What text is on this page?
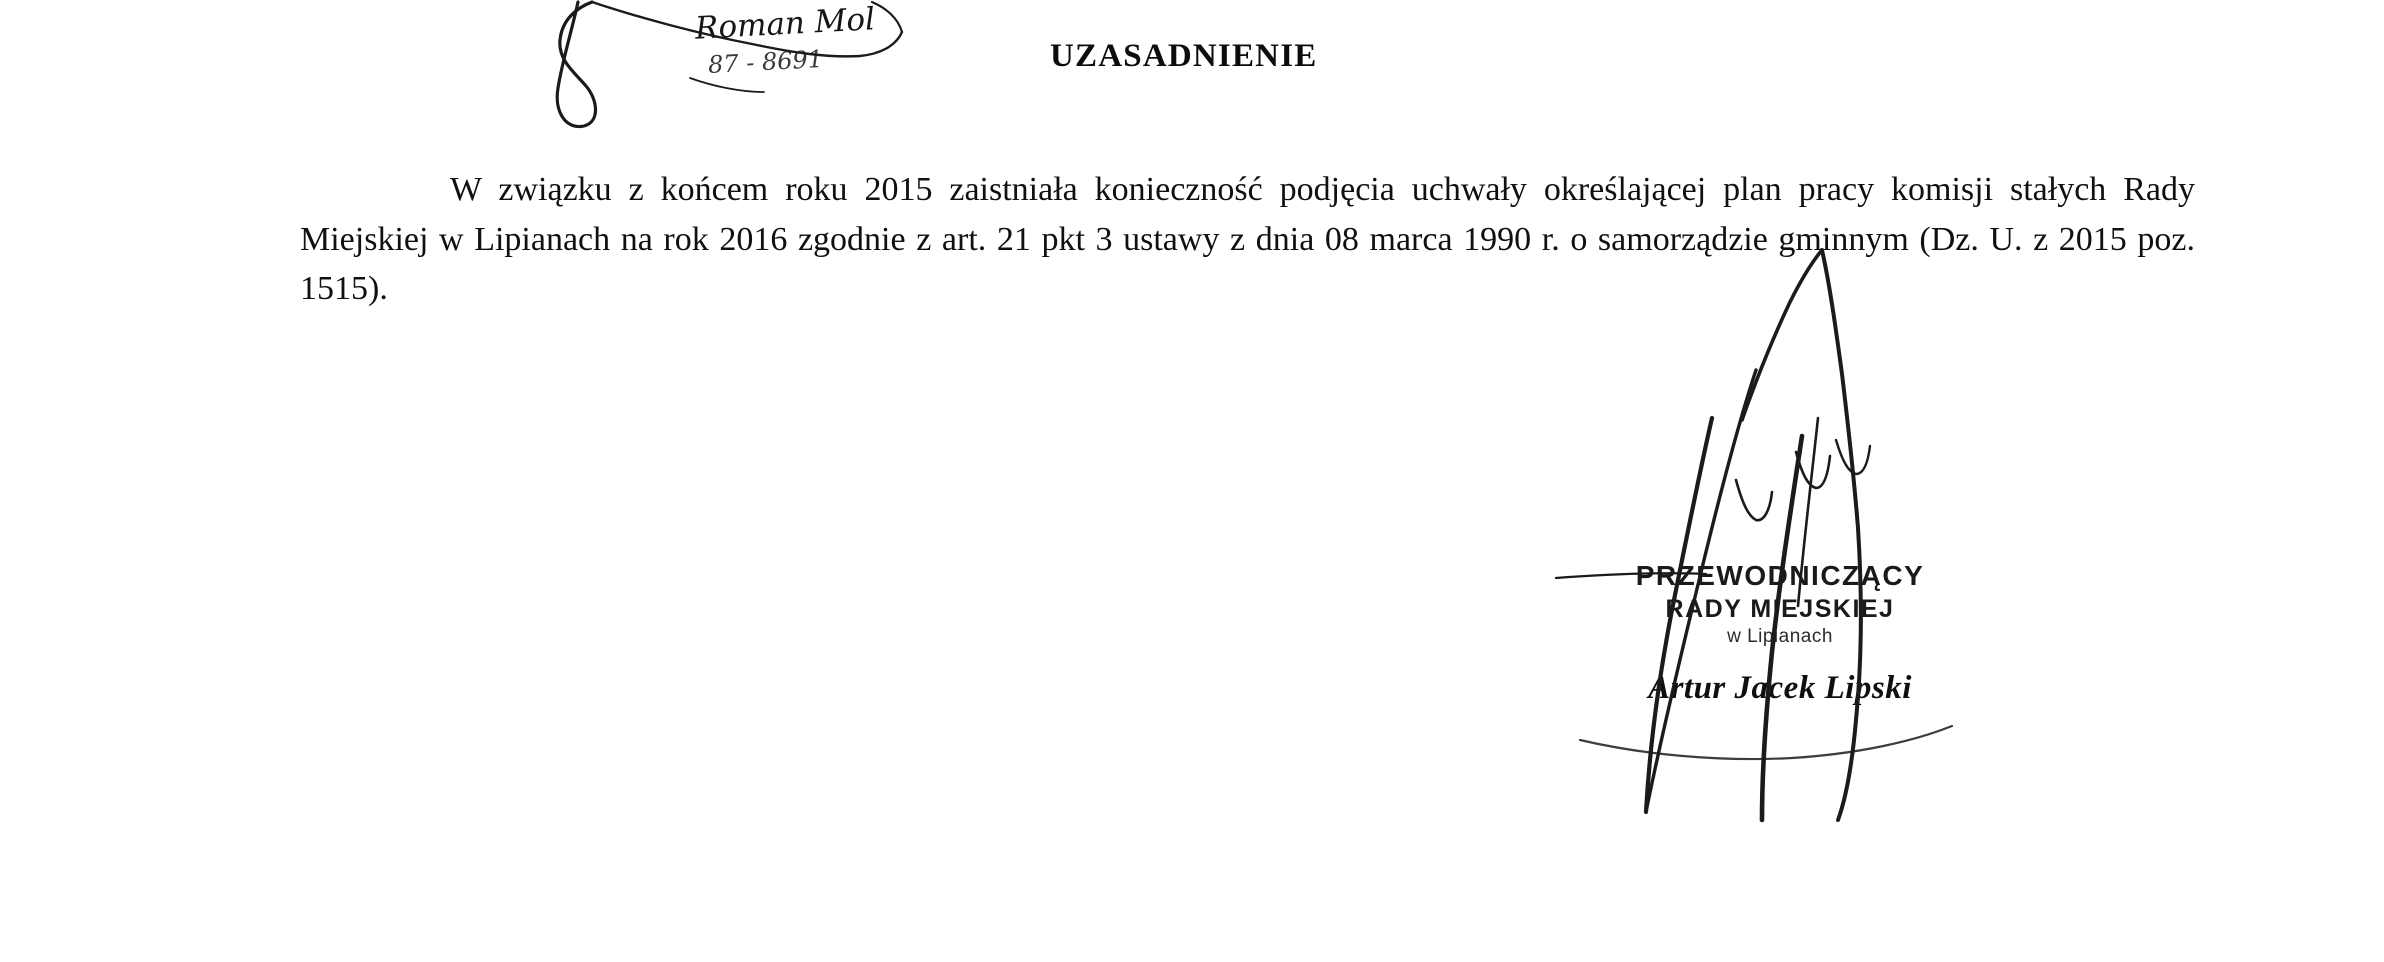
Roman Mol
87 - 8691	UZASADNIENIE

W związku z końcem roku 2015 zaistniała konieczność podjęcia uchwały określającej plan pracy komisji stałych Rady Miejskiej w Lipianach na rok 2016 zgodnie z art. 21 pkt 3 ustawy z dnia 08 marca 1990 r. o samorządzie gminnym (Dz. U. z 2015 poz. 1515).

PRZEWODNICZĄCY
RADY MIEJSKIEJ
w Lipianach
Artur Jacek Lipski
